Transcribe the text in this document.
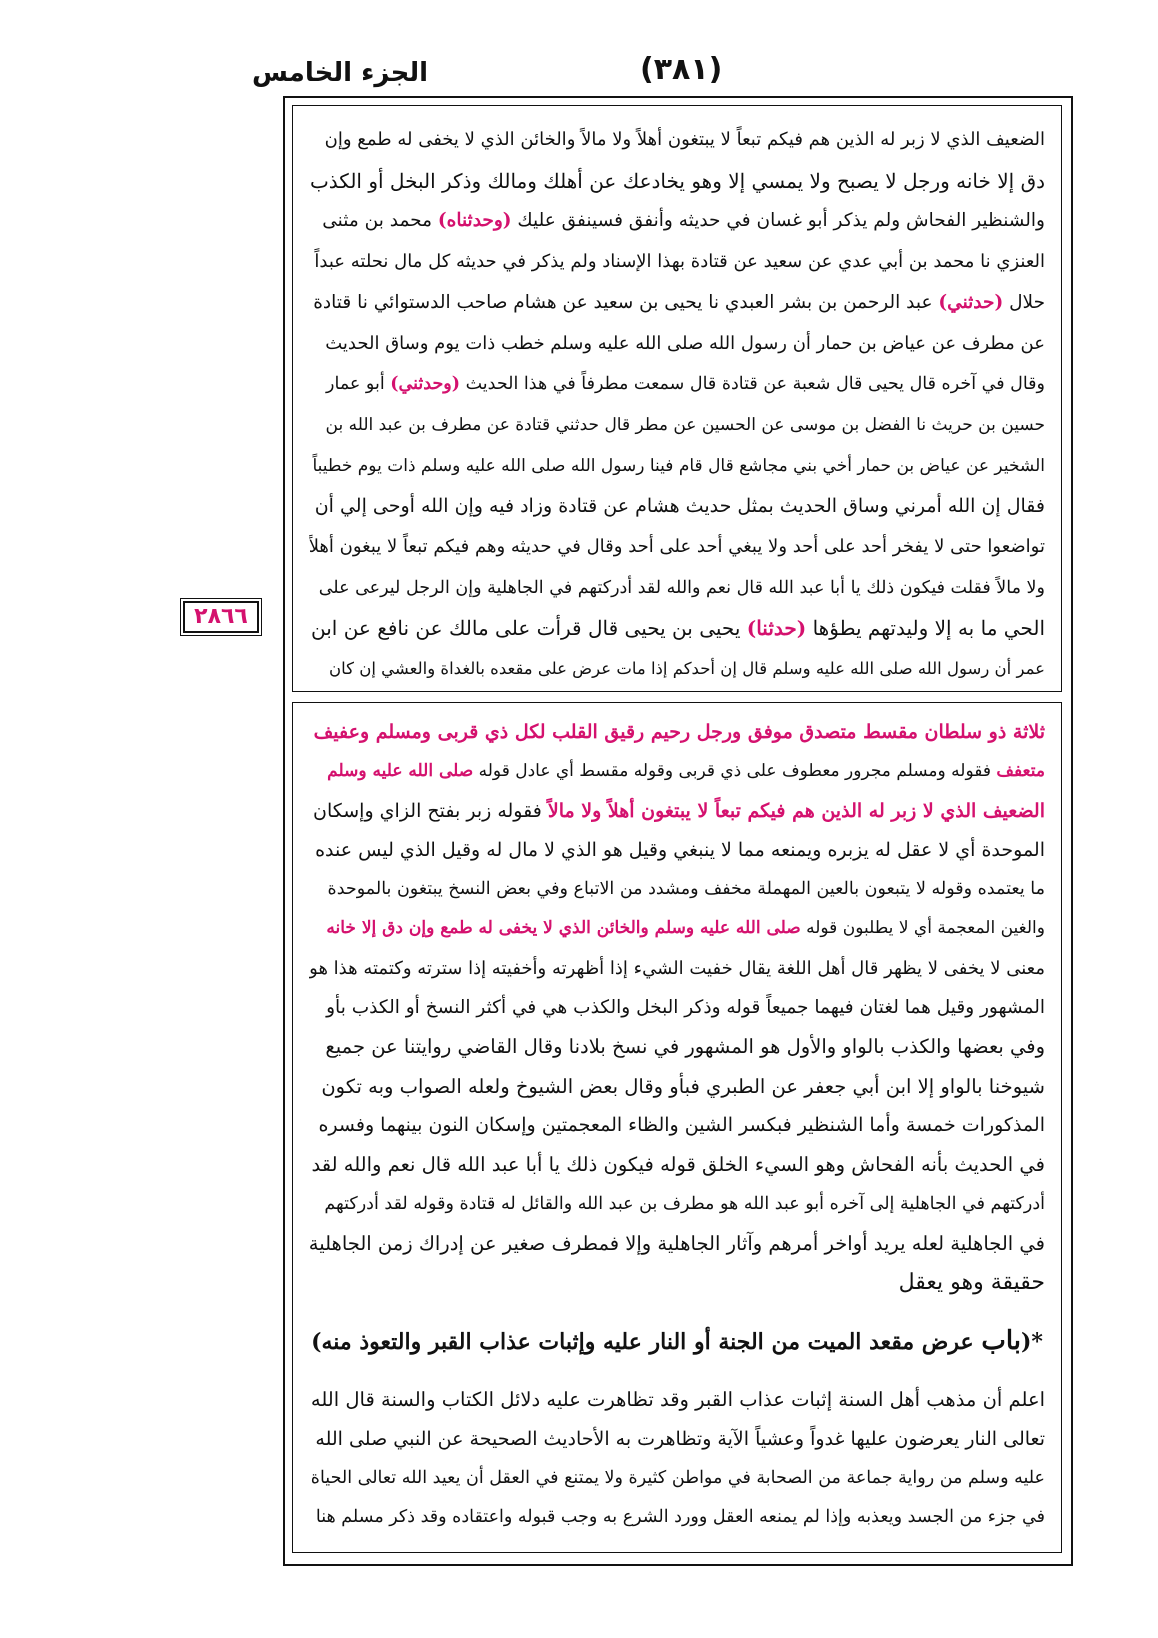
الجزء الخامس	(٣٨١)
٢٨٦٦
الضعيف الذي لا زبر له الذين هم فيكم تبعاً لا يبتغون أهلاً ولا مالاً والخائن الذي لا يخفى له طمع وإن
دق إلا خانه ورجل لا يصبح ولا يمسي إلا وهو يخادعك عن أهلك ومالك وذكر البخل أو الكذب
والشنظير الفحاش ولم يذكر أبو غسان في حديثه وأنفق فسينفق عليك (وحدثناه) محمد بن مثنى
العنزي نا محمد بن أبي عدي عن سعيد عن قتادة بهذا الإسناد ولم يذكر في حديثه كل مال نحلته عبداً
حلال (حدثني) عبد الرحمن بن بشر العبدي نا يحيى بن سعيد عن هشام صاحب الدستوائي نا قتادة
عن مطرف عن عياض بن حمار أن رسول الله صلى الله عليه وسلم خطب ذات يوم وساق الحديث
وقال في آخره قال يحيى قال شعبة عن قتادة قال سمعت مطرفاً في هذا الحديث (وحدثني) أبو عمار
حسين بن حريث نا الفضل بن موسى عن الحسين عن مطر قال حدثني قتادة عن مطرف بن عبد الله بن
الشخير عن عياض بن حمار أخي بني مجاشع قال قام فينا رسول الله صلى الله عليه وسلم ذات يوم خطيباً
فقال إن الله أمرني وساق الحديث بمثل حديث هشام عن قتادة وزاد فيه وإن الله أوحى إلي أن
تواضعوا حتى لا يفخر أحد على أحد ولا يبغي أحد على أحد وقال في حديثه وهم فيكم تبعاً لا يبغون أهلاً
ولا مالاً فقلت فيكون ذلك يا أبا عبد الله قال نعم والله لقد أدركتهم في الجاهلية وإن الرجل ليرعى على
الحي ما به إلا وليدتهم يطؤها (حدثنا) يحيى بن يحيى قال قرأت على مالك عن نافع عن ابن
عمر أن رسول الله صلى الله عليه وسلم قال إن أحدكم إذا مات عرض على مقعده بالغداة والعشي إن كان
ثلاثة ذو سلطان مقسط متصدق موفق ورجل رحيم رقيق القلب لكل ذي قربى ومسلم وعفيف
متعفف فقوله ومسلم مجرور معطوف على ذي قربى وقوله مقسط أي عادل قوله صلى الله عليه وسلم
الضعيف الذي لا زبر له الذين هم فيكم تبعاً لا يبتغون أهلاً ولا مالاً فقوله زبر بفتح الزاي وإسكان
الموحدة أي لا عقل له يزبره ويمنعه مما لا ينبغي وقيل هو الذي لا مال له وقيل الذي ليس عنده
ما يعتمده وقوله لا يتبعون بالعين المهملة مخفف ومشدد من الاتباع وفي بعض النسخ يبتغون بالموحدة
والغين المعجمة أي لا يطلبون قوله صلى الله عليه وسلم والخائن الذي لا يخفى له طمع وإن دق إلا خانه
معنى لا يخفى لا يظهر قال أهل اللغة يقال خفيت الشيء إذا أظهرته وأخفيته إذا سترته وكتمته هذا هو
المشهور وقيل هما لغتان فيهما جميعاً قوله وذكر البخل والكذب هي في أكثر النسخ أو الكذب بأو
وفي بعضها والكذب بالواو والأول هو المشهور في نسخ بلادنا وقال القاضي روايتنا عن جميع
شيوخنا بالواو إلا ابن أبي جعفر عن الطبري فبأو وقال بعض الشيوخ ولعله الصواب وبه تكون
المذكورات خمسة وأما الشنظير فبكسر الشين والظاء المعجمتين وإسكان النون بينهما وفسره
في الحديث بأنه الفحاش وهو السيء الخلق قوله فيكون ذلك يا أبا عبد الله قال نعم والله لقد
أدركتهم في الجاهلية إلى آخره أبو عبد الله هو مطرف بن عبد الله والقائل له قتادة وقوله لقد أدركتهم
في الجاهلية لعله يريد أواخر أمرهم وآثار الجاهلية وإلا فمطرف صغير عن إدراك زمن الجاهلية
حقيقة وهو يعقل
*(باب عرض مقعد الميت من الجنة أو النار عليه وإثبات عذاب القبر والتعوذ منه)
اعلم أن مذهب أهل السنة إثبات عذاب القبر وقد تظاهرت عليه دلائل الكتاب والسنة قال الله
تعالى النار يعرضون عليها غدواً وعشياً الآية وتظاهرت به الأحاديث الصحيحة عن النبي صلى الله
عليه وسلم من رواية جماعة من الصحابة في مواطن كثيرة ولا يمتنع في العقل أن يعيد الله تعالى الحياة
في جزء من الجسد ويعذبه وإذا لم يمنعه العقل وورد الشرع به وجب قبوله واعتقاده وقد ذكر مسلم هنا
